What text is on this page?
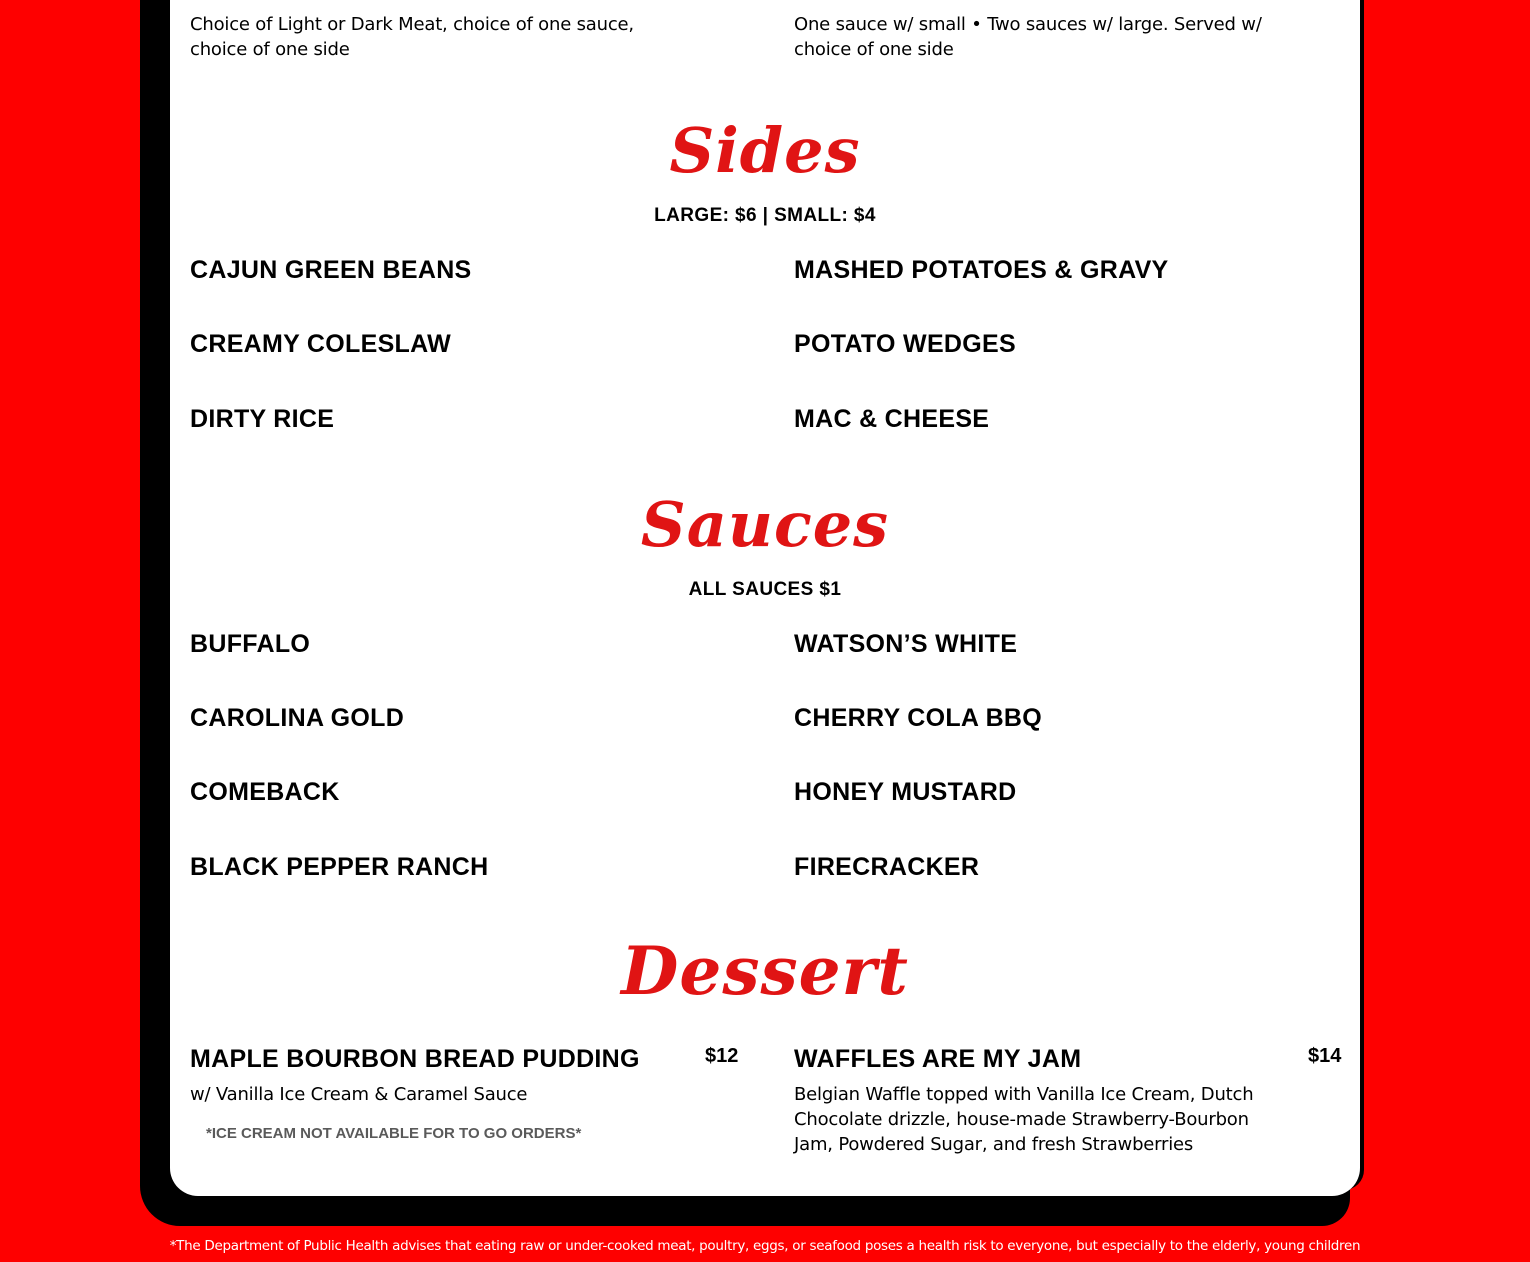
Choice of Light or Dark Meat, choice of one sauce, choice of one side
One sauce w/ small • Two sauces w/ large. Served w/ choice of one side
Sides
LARGE: $6 | SMALL: $4
CAJUN GREEN BEANS	MASHED POTATOES & GRAVY
CREAMY COLESLAW	POTATO WEDGES
DIRTY RICE	MAC & CHEESE
Sauces
ALL SAUCES $1
BUFFALO	WATSON’S WHITE
CAROLINA GOLD	CHERRY COLA BBQ
COMEBACK	HONEY MUSTARD
BLACK PEPPER RANCH	FIRECRACKER
Dessert
MAPLE BOURBON BREAD PUDDING	$12
w/ Vanilla Ice Cream & Caramel Sauce
*ICE CREAM NOT AVAILABLE FOR TO GO ORDERS*
WAFFLES ARE MY JAM	$14
Belgian Waffle topped with Vanilla Ice Cream, Dutch Chocolate drizzle, house-made Strawberry-Bourbon Jam, Powdered Sugar, and fresh Strawberries
*The Department of Public Health advises that eating raw or under-cooked meat, poultry, eggs, or seafood poses a health risk to everyone, but especially to the elderly, young children
